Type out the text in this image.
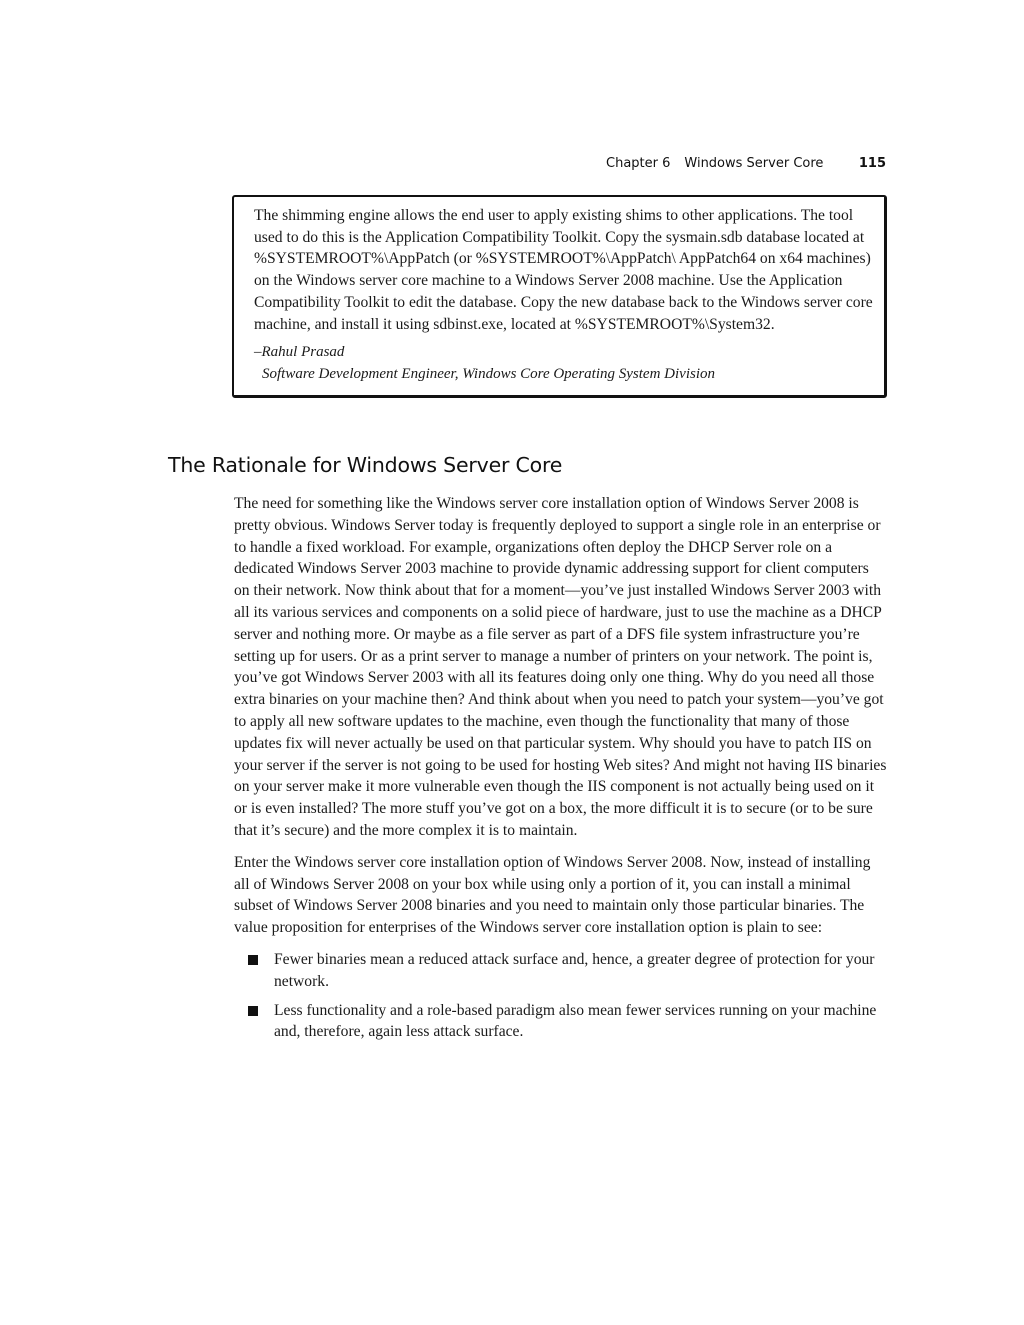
Chapter 6 Windows Server Core	115

The shimming engine allows the end user to apply existing shims to other applications. The tool used to do this is the Application Compatibility Toolkit. Copy the sysmain.sdb database located at %SYSTEMROOT%\AppPatch (or %SYSTEMROOT%\AppPatch\ AppPatch64 on x64 machines) on the Windows server core machine to a Windows Server 2008 machine. Use the Application Compatibility Toolkit to edit the database. Copy the new database back to the Windows server core machine, and install it using sdbinst.exe, located at %SYSTEMROOT%\System32.

–Rahul Prasad
Software Development Engineer, Windows Core Operating System Division
The Rationale for Windows Server Core

The need for something like the Windows server core installation option of Windows Server 2008 is pretty obvious. Windows Server today is frequently deployed to support a single role in an enterprise or to handle a fixed workload. For example, organizations often deploy the DHCP Server role on a dedicated Windows Server 2003 machine to provide dynamic addressing support for client computers on their network. Now think about that for a moment—you’ve just installed Windows Server 2003 with all its various services and components on a solid piece of hardware, just to use the machine as a DHCP server and nothing more. Or maybe as a file server as part of a DFS file system infrastructure you’re setting up for users. Or as a print server to manage a number of printers on your network. The point is, you’ve got Windows Server 2003 with all its features doing only one thing. Why do you need all those extra binaries on your machine then? And think about when you need to patch your system—you’ve got to apply all new software updates to the machine, even though the functionality that many of those updates fix will never actually be used on that particular system. Why should you have to patch IIS on your server if the server is not going to be used for hosting Web sites? And might not having IIS binaries on your server make it more vulnerable even though the IIS component is not actually being used on it or is even installed? The more stuff you’ve got on a box, the more difficult it is to secure (or to be sure that it’s secure) and the more complex it is to maintain.

Enter the Windows server core installation option of Windows Server 2008. Now, instead of installing all of Windows Server 2008 on your box while using only a portion of it, you can install a minimal subset of Windows Server 2008 binaries and you need to maintain only those particular binaries. The value proposition for enterprises of the Windows server core installation option is plain to see:

Fewer binaries mean a reduced attack surface and, hence, a greater degree of protection for your network.
Less functionality and a role-based paradigm also mean fewer services running on your machine and, therefore, again less attack surface.
